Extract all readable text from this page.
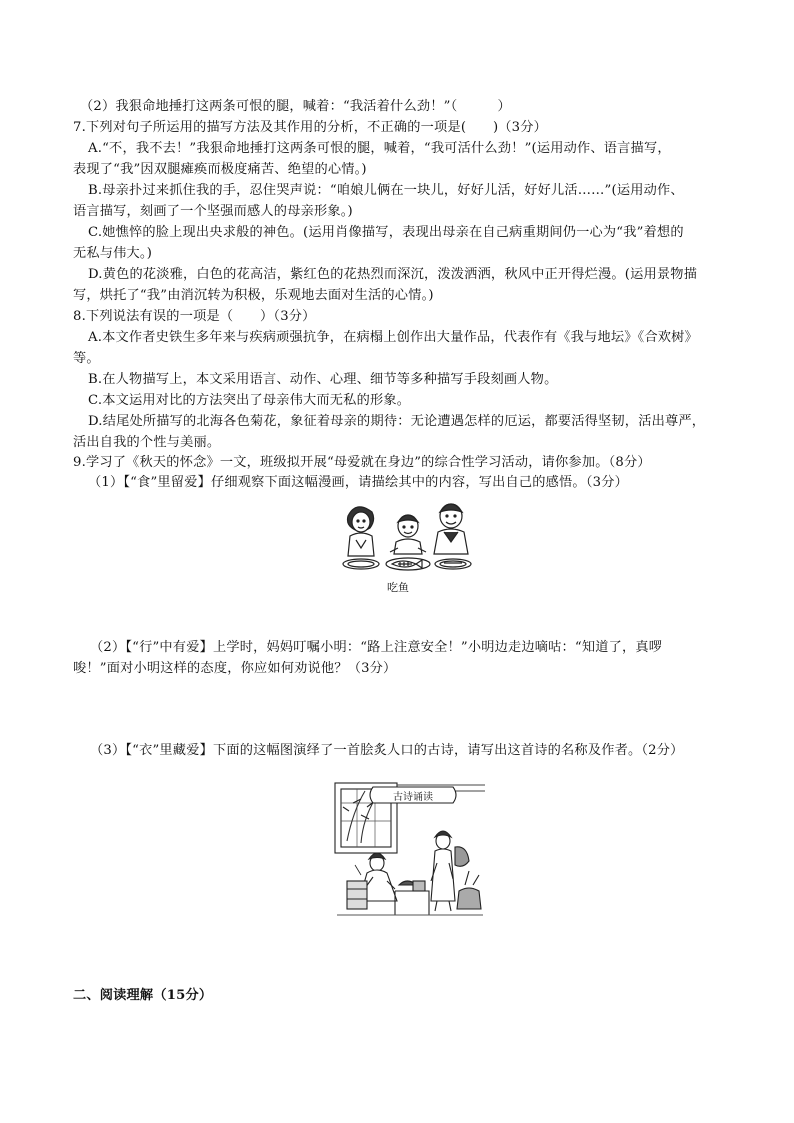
（2）我狠命地捶打这两条可恨的腿，喊着：“我活着什么劲！”（　　　）
7.下列对句子所运用的描写方法及其作用的分析，不正确的一项是(　　)（3分）
A.“不，我不去！”我狠命地捶打这两条可恨的腿，喊着，“我可活什么劲！”(运用动作、语言描写，
表现了“我”因双腿瘫痪而极度痛苦、绝望的心情。)
B.母亲扑过来抓住我的手，忍住哭声说：“咱娘儿俩在一块儿，好好儿活，好好儿活……”(运用动作、
语言描写，刻画了一个坚强而感人的母亲形象。)
C.她憔悴的脸上现出央求般的神色。(运用肖像描写，表现出母亲在自己病重期间仍一心为“我”着想的
无私与伟大。)
D.黄色的花淡雅，白色的花高洁，紫红色的花热烈而深沉，泼泼洒洒，秋风中正开得烂漫。(运用景物描
写，烘托了“我”由消沉转为积极，乐观地去面对生活的心情。)
8.下列说法有误的一项是（　　）（3分）
A.本文作者史铁生多年来与疾病顽强抗争，在病榻上创作出大量作品，代表作有《我与地坛》《合欢树》
等。
B.在人物描写上，本文采用语言、动作、心理、细节等多种描写手段刻画人物。
C.本文运用对比的方法突出了母亲伟大而无私的形象。
D.结尾处所描写的北海各色菊花，象征着母亲的期待：无论遭遇怎样的厄运，都要活得坚韧，活出尊严，
活出自我的个性与美丽。
9.学习了《秋天的怀念》一文，班级拟开展“母爱就在身边”的综合性学习活动，请你参加。（8分）
（1）【“食”里留爱】仔细观察下面这幅漫画，请描绘其中的内容，写出自己的感悟。（3分）
吃鱼
（2）【“行”中有爱】上学时，妈妈叮嘱小明：“路上注意安全！”小明边走边嘀咕：“知道了，真啰
唆！”面对小明这样的态度，你应如何劝说他？（3分）
（3）【“衣”里藏爱】下面的这幅图演绎了一首脍炙人口的古诗，请写出这首诗的名称及作者。（2分）
古诗诵读
二、阅读理解（15分）
